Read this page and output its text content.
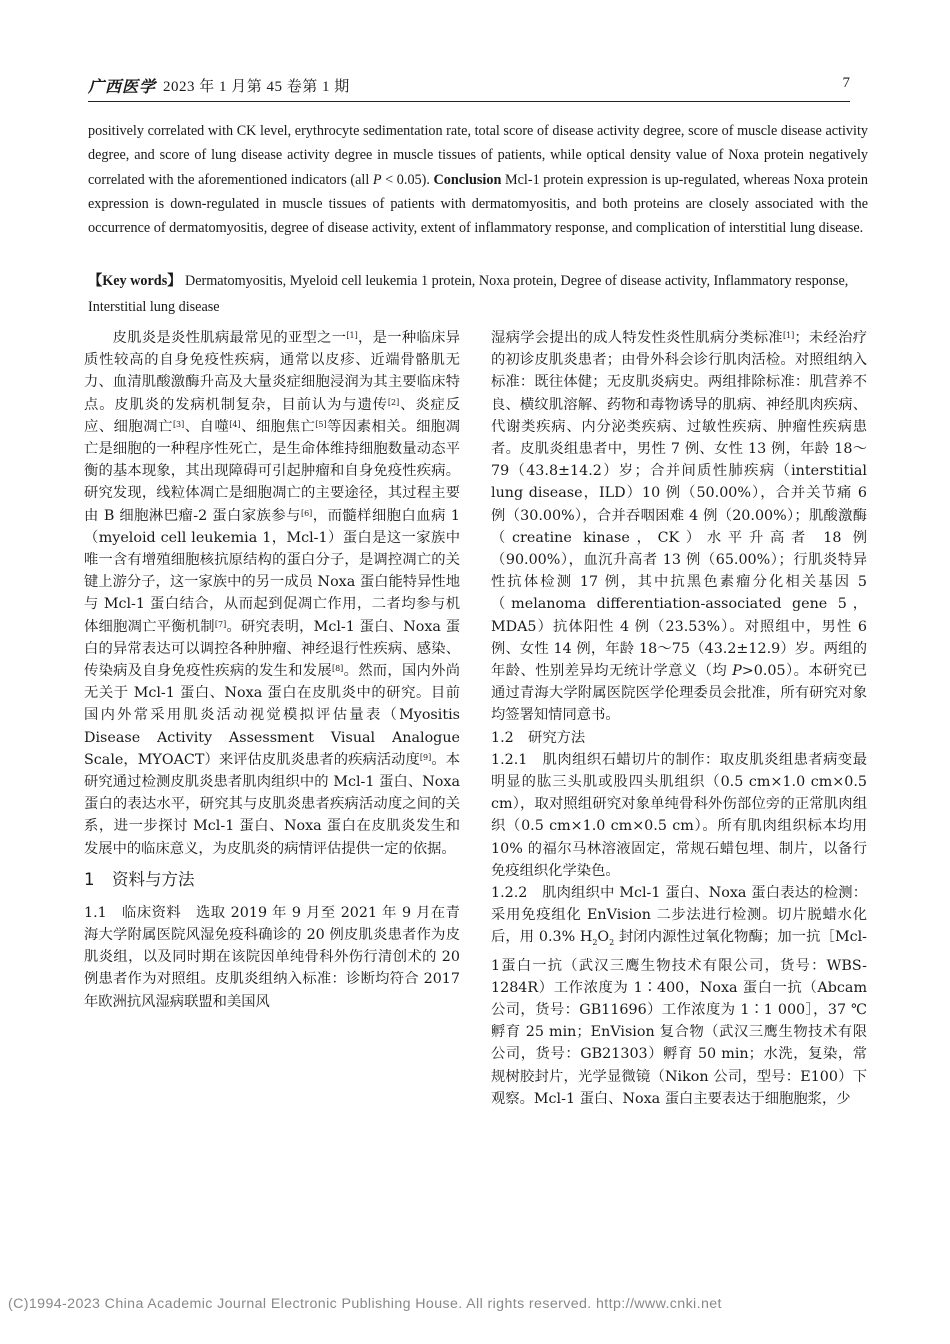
广西医学 2023 年 1 月第 45 卷第 1 期	7
positively correlated with CK level, erythrocyte sedimentation rate, total score of disease activity degree, score of muscle disease activity degree, and score of lung disease activity degree in muscle tissues of patients, while optical density value of Noxa protein negatively correlated with the aforementioned indicators (all P < 0.05). Conclusion Mcl-1 protein expression is up-regulated, whereas Noxa protein expression is down-regulated in muscle tissues of patients with dermatomyositis, and both proteins are closely associated with the occurrence of dermatomyositis, degree of disease activity, extent of inflammatory response, and complication of interstitial lung disease.
【Key words】 Dermatomyositis, Myeloid cell leukemia 1 protein, Noxa protein, Degree of disease activity, Inflammatory response, Interstitial lung disease

皮肌炎是炎性肌病最常见的亚型之一[1]，是一种临床异质性较高的自身免疫性疾病，通常以皮疹、近端骨骼肌无力、血清肌酸激酶升高及大量炎症细胞浸润为其主要临床特点。皮肌炎的发病机制复杂，目前认为与遗传[2]、炎症反应、细胞凋亡[3]、自噬[4]、细胞焦亡[5]等因素相关。细胞凋亡是细胞的一种程序性死亡，是生命体维持细胞数量动态平衡的基本现象，其出现障碍可引起肿瘤和自身免疫性疾病。研究发现，线粒体凋亡是细胞凋亡的主要途径，其过程主要由 B 细胞淋巴瘤-2 蛋白家族参与[6]，而髓样细胞白血病 1（myeloid cell leukemia 1，Mcl-1）蛋白是这一家族中唯一含有增殖细胞核抗原结构的蛋白分子，是调控凋亡的关键上游分子，这一家族中的另一成员 Noxa 蛋白能特异性地与 Mcl-1 蛋白结合，从而起到促凋亡作用，二者均参与机体细胞凋亡平衡机制[7]。研究表明，Mcl-1 蛋白、Noxa 蛋白的异常表达可以调控各种肿瘤、神经退行性疾病、感染、传染病及自身免疫性疾病的发生和发展[8]。然而，国内外尚无关于 Mcl-1 蛋白、Noxa 蛋白在皮肌炎中的研究。目前国内外常采用肌炎活动视觉模拟评估量表（Myositis Disease Activity Assessment Visual Analogue Scale，MYOACT）来评估皮肌炎患者的疾病活动度[9]。本研究通过检测皮肌炎患者肌肉组织中的 Mcl-1 蛋白、Noxa 蛋白的表达水平，研究其与皮肌炎患者疾病活动度之间的关系，进一步探讨 Mcl-1 蛋白、Noxa 蛋白在皮肌炎发生和发展中的临床意义，为皮肌炎的病情评估提供一定的依据。

1 资料与方法

1.1　临床资料　 选取 2019 年 9 月至 2021 年 9 月在青海大学附属医院风湿免疫科确诊的 20 例皮肌炎患者作为皮肌炎组，以及同时期在该院因单纯骨科外伤行清创术的 20 例患者作为对照组。皮肌炎组纳入标准：诊断均符合 2017 年欧洲抗风湿病联盟和美国风

湿病学会提出的成人特发性炎性肌病分类标准[1]；未经治疗的初诊皮肌炎患者；由骨外科会诊行肌肉活检。对照组纳入标准：既往体健；无皮肌炎病史。两组排除标准：肌营养不良、横纹肌溶解、药物和毒物诱导的肌病、神经肌肉疾病、代谢类疾病、内分泌类疾病、过敏性疾病、肿瘤性疾病患者。皮肌炎组患者中，男性 7 例、女性 13 例，年龄 18～79（43.8±14.2）岁；合并间质性肺疾病（interstitial lung disease，ILD）10 例（50.00%），合并关节痛 6 例（30.00%），合并吞咽困难 4 例（20.00%）；肌酸激酶（creatine kinase，CK）水平升高者 18 例（90.00%），血沉升高者 13 例（65.00%）；行肌炎特异性抗体检测 17 例，其中抗黑色素瘤分化相关基因 5（melanoma differentiation-associated gene 5，MDA5）抗体阳性 4 例（23.53%）。对照组中，男性 6 例、女性 14 例，年龄 18～75（43.2±12.9）岁。两组的年龄、性别差异均无统计学意义（均 P>0.05）。本研究已通过青海大学附属医院医学伦理委员会批准，所有研究对象均签署知情同意书。

1.2　研究方法

1.2.1　肌肉组织石蜡切片的制作：取皮肌炎组患者病变最明显的肱三头肌或股四头肌组织（0.5 cm×1.0 cm×0.5 cm），取对照组研究对象单纯骨科外伤部位旁的正常肌肉组织（0.5 cm×1.0 cm×0.5 cm）。所有肌肉组织标本均用 10% 的福尔马林溶液固定，常规石蜡包埋、制片，以备行免疫组织化学染色。

1.2.2　肌肉组织中 Mcl-1 蛋白、Noxa 蛋白表达的检测：采用免疫组化 EnVision 二步法进行检测。切片脱蜡水化后，用 0.3% $H_2O_2$ 封闭内源性过氧化物酶；加一抗［Mcl-1蛋白一抗（武汉三鹰生物技术有限公司，货号：WBS-1284R）工作浓度为 1∶400，Noxa 蛋白一抗（Abcam 公司，货号：GB11696）工作浓度为 1∶1 000］，37 ℃孵育 25 min；EnVision 复合物（武汉三鹰生物技术有限公司，货号：GB21303）孵育 50 min；水洗，复染，常规树胶封片，光学显微镜（Nikon 公司，型号：E100）下观察。Mcl-1 蛋白、Noxa 蛋白主要表达于细胞胞浆，少

(C)1994-2023 China Academic Journal Electronic Publishing House. All rights reserved. http://www.cnki.net
